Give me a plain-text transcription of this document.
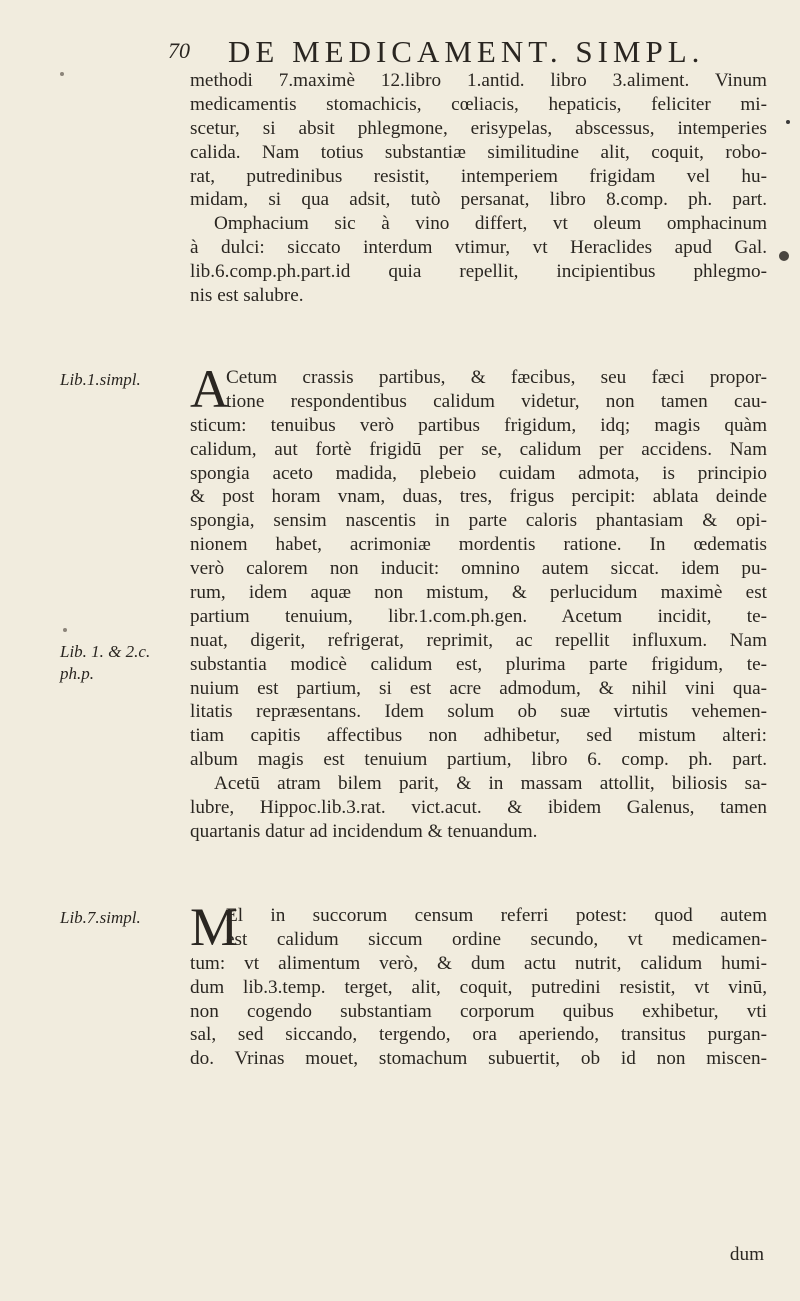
70 DE MEDICAMENT. SIMPL.
methodi 7.maximè 12.libro 1.antid. libro 3.aliment. Vinum
medicamentis stomachicis, cœliacis, hepaticis, feliciter mi-
scetur, si absit phlegmone, erisypelas, abscessus, intemperies
calida. Nam totius substantiæ similitudine alit, coquit, robo-
rat, putredinibus resistit, intemperiem frigidam vel hu-
midam, si qua adsit, tutò persanat, libro 8.comp. ph. part.
Omphacium sic à vino differt, vt oleum omphacinum
à dulci: siccato interdum vtimur, vt Heraclides apud Gal.
lib.6.comp.ph.part.id quia repellit, incipientibus phlegmo-
nis est salubre.
A
Cetum crassis partibus, & fæcibus, seu fæci propor-
tione respondentibus calidum videtur, non tamen cau-
sticum: tenuibus verò partibus frigidum, idq; magis quàm
calidum, aut fortè frigidū per se, calidum per accidens. Nam
spongia aceto madida, plebeio cuidam admota, is principio
& post horam vnam, duas, tres, frigus percipit: ablata deinde
spongia, sensim nascentis in parte caloris phantasiam & opi-
nionem habet, acrimoniæ mordentis ratione. In œdematis
verò calorem non inducit: omnino autem siccat. idem pu-
rum, idem aquæ non mistum, & perlucidum maximè est
partium tenuium, libr.1.com.ph.gen. Acetum incidit, te-
nuat, digerit, refrigerat, reprimit, ac repellit influxum. Nam
substantia modicè calidum est, plurima parte frigidum, te-
nuium est partium, si est acre admodum, & nihil vini qua-
litatis repræsentans. Idem solum ob suæ virtutis vehemen-
tiam capitis affectibus non adhibetur, sed mistum alteri:
album magis est tenuium partium, libro 6. comp. ph. part.
Acetū atram bilem parit, & in massam attollit, biliosis sa-
lubre, Hippoc.lib.3.rat. vict.acut. & ibidem Galenus, tamen
quartanis datur ad incidendum & tenuandum.
M
El in succorum censum referri potest: quod autem
est calidum siccum ordine secundo, vt medicamen-
tum: vt alimentum verò, & dum actu nutrit, calidum humi-
dum lib.3.temp. terget, alit, coquit, putredini resistit, vt vinū,
non cogendo substantiam corporum quibus exhibetur, vti
sal, sed siccando, tergendo, ora aperiendo, transitus purgan-
do. Vrinas mouet, stomachum subuertit, ob id non miscen-
dum
Lib.1.simpl.
Lib. 1. & 2.c.
ph.p.
Lib.7.simpl.
